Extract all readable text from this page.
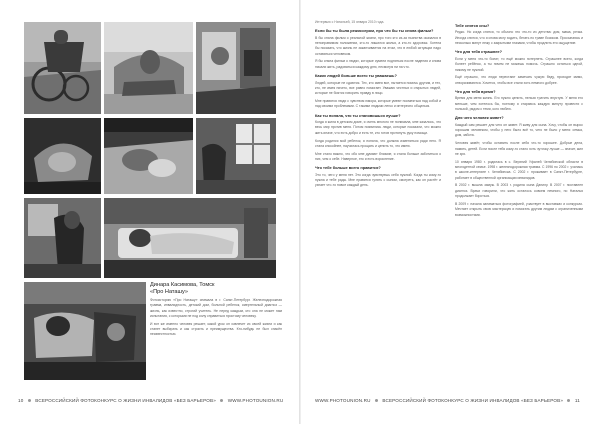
Динара Касимова, Томск
«Про Наташу»

Фотоисторию «Про Наташу» снимала в г. Санкт-Петербург. Железнодорожная травма, инвалидность, детский дом, больной ребенок, смертельный диагноз — жизнь, как известно, строгий учитель. Не перед каждым, кто она не может нам испытания, с которыми не под силу справиться простому человеку.

И вот же именно человек решает, какой урок он извлечет из своей жизни и как станет выбирать и как строить и преимущества. Кто-нибудь не был спасён неизвестностью.

10	ВСЕРОССИЙСКИЙ ФОТОКОНКУРС О ЖИЗНИ ИНВАЛИДОВ «БЕЗ БАРЬЕРОВ»	WWW.PHOTOUNION.RU
Интервью с Натальей, 15 января 2010 года.
Если бы ты была режиссером, про что бы ты сняла фильм?

В бы сняла фильм о реальной жизни, про того кто из-за пьянства оказался в непоправимом положении, кто-то лишился жилья, а кто-то здоровья. Хотела бы показать, что жизнь не заканчивается на этом, что в любой ситуации надо оставаться человеком.

Я бы сняла фильм о людях, которые сумели подняться после падения и снова начали жить, радоваться каждому дню, несмотря ни на что.

Каких людей больше всего ты уважаешь?

Людей, которые не сдаются. Тех, кто имея все, пытается помочь другим, и тех, кто, не имея ничего, все равно помогает. Уважаю честных и открытых людей, которые не боятся говорить правду в лицо.

Мне нравятся люди с чувством юмора, которые умеют посмеяться над собой и над своими проблемами. С такими людьми легко и интересно общаться.

Как ты поняла, что ты становишься лучше?

Когда я жила в детском доме, я очень многого не понимала, мне казалось, что весь мир против меня. Потом появились люди, которые показали, что можно жить иначе, что есть добро и есть те, кто готов протянуть руку помощи.

Когда родился мой ребенок, я поняла, что должна измениться ради него. Я стала спокойнее, научилась прощать и ценить то, что имею.

Мне стало важно, что обо мне думают близкие, я стала больше заботиться о них, чем о себе. Наверное, это и есть взросление.

Что тебе больше всего нравится?

Это то, чего у меня нет. Это когда чувствуешь себя нужной. Когда ты кому-то нужна и тебе рады. Мне нравится гулять с сыном, смотреть, как он растёт и узнает что-то новое каждый день.

Тебе снятся сны?

Редко. Но когда снятся, то обычно это что-то из детства: дом, мама, речка. Иногда снится, что я снова могу ходить, бегать по траве босиком. Просыпаюсь и несколько минут лежу с закрытыми глазами, чтобы продлить это ощущение.

Что для тебя страшнее?

Если у меня что-то болит, то ещё можно потерпеть. Страшнее всего, когда болеет ребёнок, а ты ничем не можешь помочь. Страшно остаться одной, никому не нужной.

Ещё страшно, что люди перестают замечать чужую беду, проходят мимо, отворачиваются. Хочется, чтобы все стали хоть немного добрее.

Что для тебя время?

Время для меня жизнь. Его нужно ценить, нельзя тратить впустую. У меня его меньше, чем хотелось бы, поэтому я стараюсь каждую минуту провести с пользой, рядом с теми, кого люблю.

Для чего человек живет?

Каждый сам решает для чего он живет. Я живу для сына. Хочу, чтобы он вырос хорошим человеком, чтобы у него было всё то, чего не было у меня: семья, дом, забота.

Человек живёт, чтобы оставить после себя что-то хорошее. Добрые дела, память, детей. Если после тебя кому-то стало хоть чуточку лучше — значит, жил не зря.

10 января 1980 г. родилась в с. Верхний Уфалей Челябинской области в многодетной семье. 1998 г. железнодорожная травма. С 1996 по 2002 г. училась в школе-интернате г. Челябинска. С 2002 г. проживает в Санкт-Петербурге, работает в общественной организации инвалидов.

В 2002 г. вышла замуж. В 2003 г. родила сына Данилу. В 2007 г. поставлен диагноз. Врачи говорили, что жить осталось совсем немного, но Наталья продолжает бороться.

В 2009 г. начала заниматься фотографией, участвует в выставках и конкурсах. Мечтает открыть свою мастерскую и помогать другим людям с ограниченными возможностями.

WWW.PHOTOUNION.RU	ВСЕРОССИЙСКИЙ ФОТОКОНКУРС О ЖИЗНИ ИНВАЛИДОВ «БЕЗ БАРЬЕРОВ»	11
